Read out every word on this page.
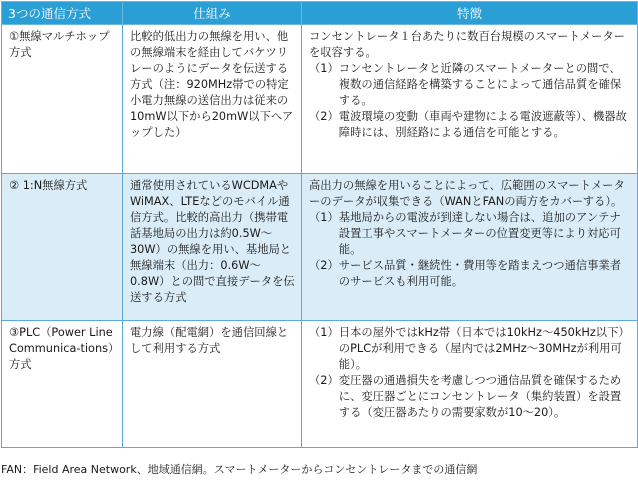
3つの通信方式	仕組み	特徴
①無線マルチホップ方式	比較的低出力の無線を用い、他の無線端末を経由してバケツリレーのようにデータを伝送する方式（注：920MHz帯での特定小電力無線の送信出力は従来の10mW以下から20mW以下へアップした）	コンセントレータ１台あたりに数百台規模のスマートメーターを収容する。

（1） コンセントレータと近隣のスマートメーターとの間で、複数の通信経路を構築することによって通信品質を確保する。
（2） 電波環境の変動（車両や建物による電波遮蔽等）、機器故障時には、別経路による通信を可能とする。

② 1:N無線方式	通常使用されているWCDMAやWiMAX、LTEなどのモバイル通信方式。比較的高出力（携帯電話基地局の出力は約0.5W〜30W）の無線を用い、基地局と無線端末（出力：0.6W〜0.8W）との間で直接データを伝送する方式	高出力の無線を用いることによって、広範囲のスマートメーターのデータが収集できる（WANとFANの両方をカバーする）。

（1） 基地局からの電波が到達しない場合は、追加のアンテナ設置工事やスマートメーターの位置変更等により対応可能。
（2） サービス品質・継続性・費用等を踏まえつつ通信事業者のサービスも利用可能。

③PLC（Power Line Communica-tions）方式	電力線（配電網）を通信回線として利用する方式	（1） 日本の屋外ではkHz帯（日本では10kHz〜450kHz以下）のPLCが利用できる（屋内では2MHz〜30MHzが利用可能）。
（2） 変圧器の通過損失を考慮しつつ通信品質を確保するために、変圧器ごとにコンセントレータ（集約装置）を設置する（変圧器あたりの需要家数が10〜20）。
FAN：Field Area Network、地域通信網。スマートメーターからコンセントレータまでの通信網
